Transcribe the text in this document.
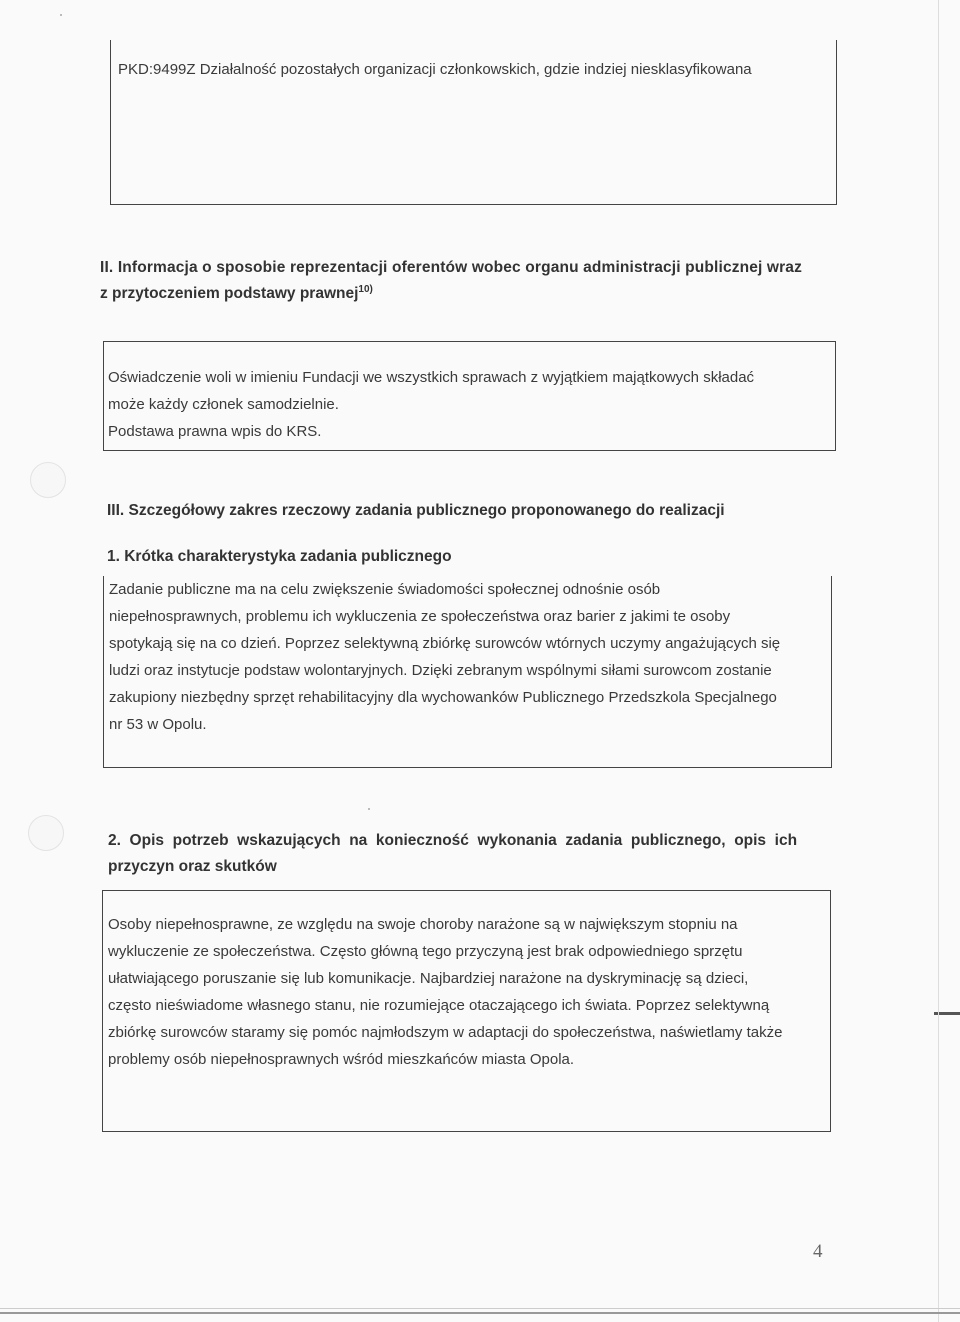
PKD:9499Z Działalność pozostałych organizacji członkowskich, gdzie indziej niesklasyfikowana
II. Informacja o sposobie reprezentacji oferentów wobec organu administracji publicznej wraz
z przytoczeniem podstawy prawnej$^{10)}$
Oświadczenie woli w imieniu Fundacji we wszystkich sprawach z wyjątkiem majątkowych składać
może każdy członek samodzielnie.
Podstawa prawna wpis do KRS.
III. Szczegółowy zakres rzeczowy zadania publicznego proponowanego do realizacji
1. Krótka charakterystyka zadania publicznego
Zadanie publiczne ma na celu zwiększenie świadomości społecznej odnośnie osób
niepełnosprawnych, problemu ich wykluczenia ze społeczeństwa oraz barier z jakimi te osoby
spotykają się na co dzień. Poprzez selektywną zbiórkę surowców wtórnych uczymy angażujących się
ludzi oraz instytucje podstaw wolontaryjnych. Dzięki zebranym wspólnymi siłami surowcom zostanie
zakupiony niezbędny sprzęt rehabilitacyjny dla wychowanków Publicznego Przedszkola Specjalnego
nr 53 w Opolu.
2.  Opis  potrzeb  wskazujących  na  konieczność  wykonania  zadania  publicznego,  opis  ich
przyczyn oraz skutków
Osoby niepełnosprawne, ze względu na swoje choroby narażone są w największym stopniu na
wykluczenie ze społeczeństwa. Często główną tego przyczyną jest brak odpowiedniego sprzętu
ułatwiającego poruszanie się lub komunikacje. Najbardziej narażone na dyskryminację są dzieci,
często nieświadome własnego stanu, nie rozumiejące otaczającego ich świata. Poprzez selektywną
zbiórkę surowców staramy się pomóc najmłodszym w adaptacji do społeczeństwa, naświetlamy także
problemy osób niepełnosprawnych wśród mieszkańców miasta Opola.
4
